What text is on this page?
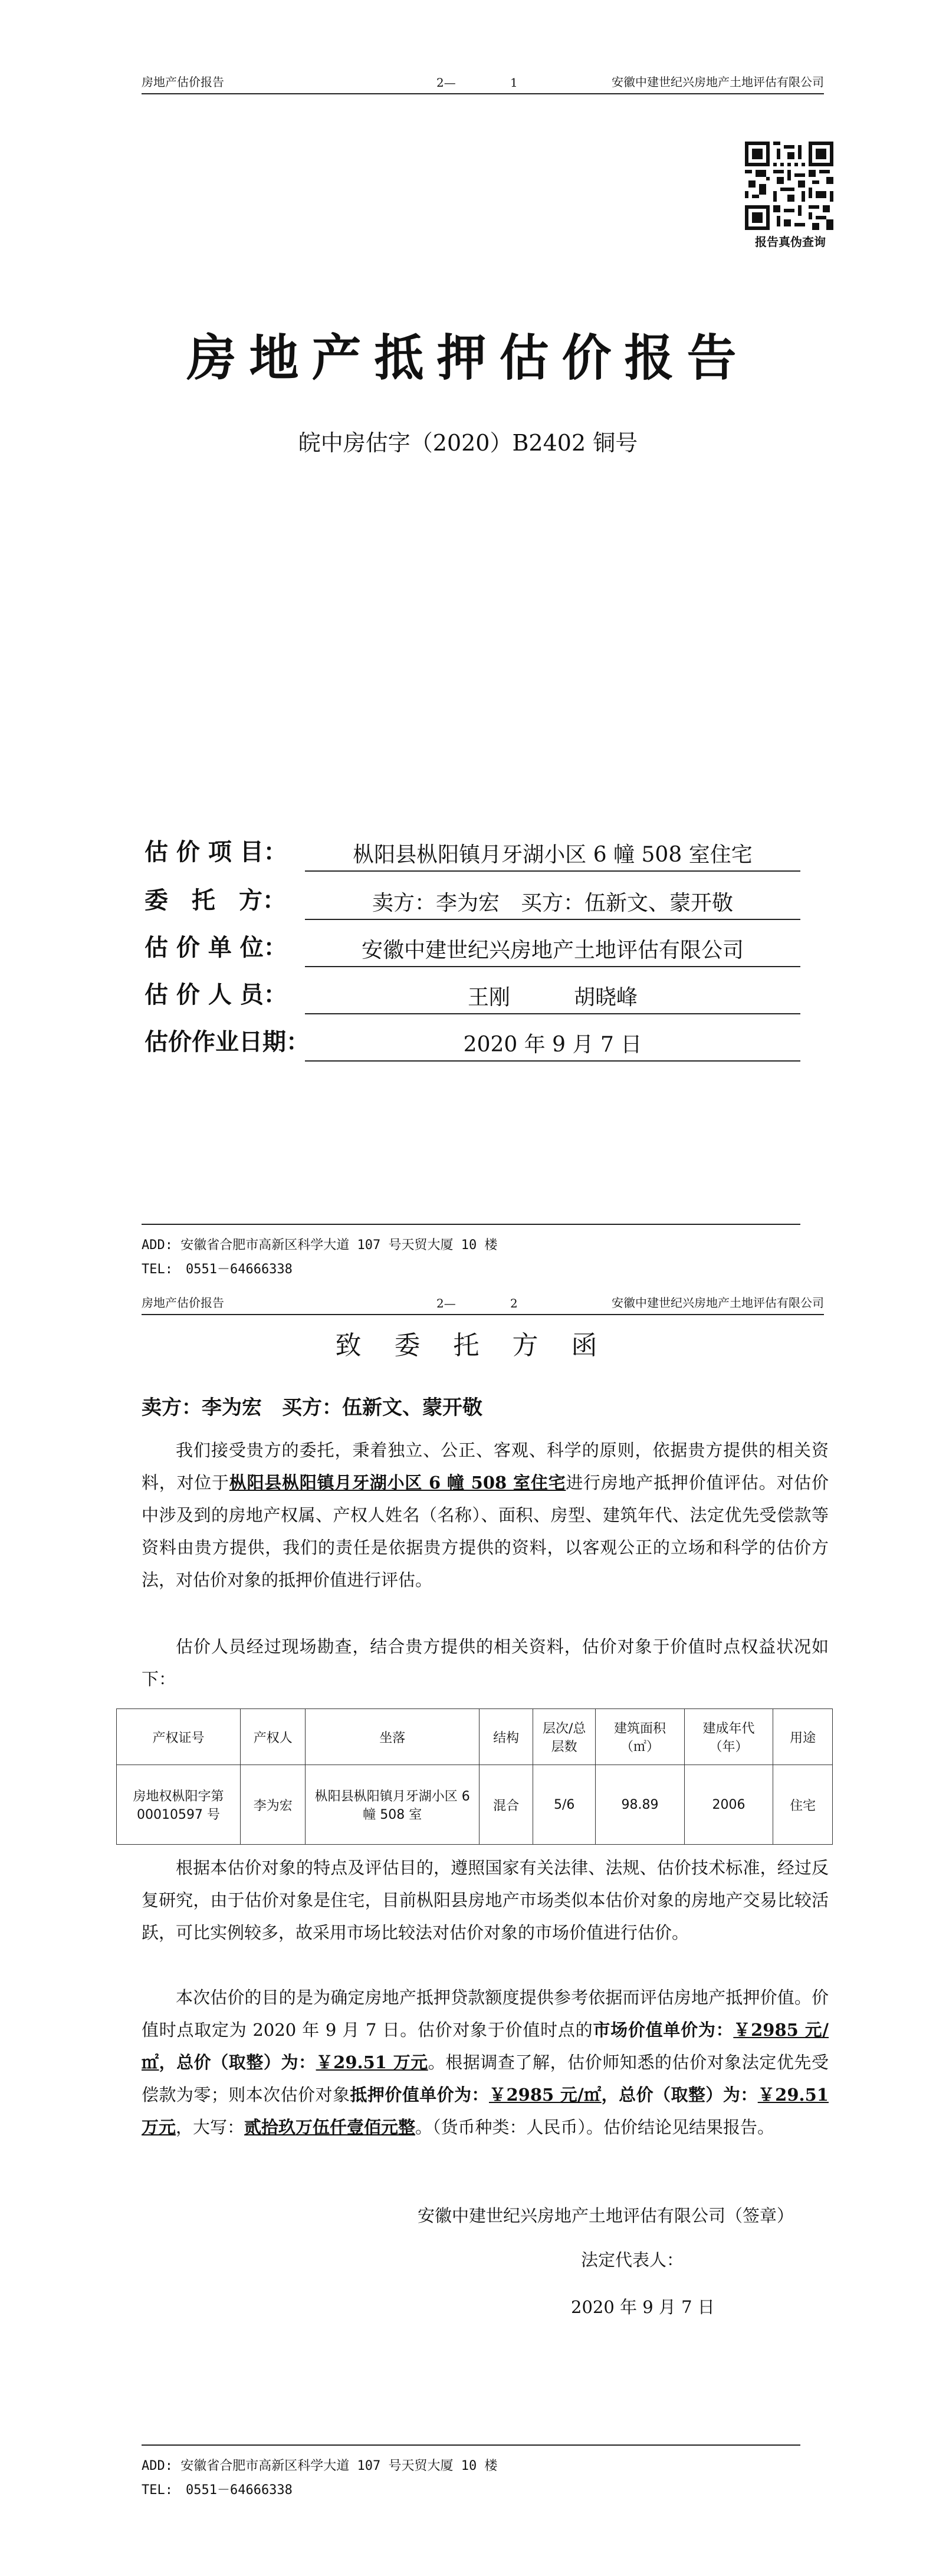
房地产估价报告	2—	1	安徽中建世纪兴房地产土地评估有限公司
报告真伪查询
房地产抵押估价报告
皖中房估字（2020）B2402 铜号
估 价 项 目：	枞阳县枞阳镇月牙湖小区 6 幢 508 室住宅
委　托　方：	卖方：李为宏　买方：伍新文、蒙开敬
估 价 单 位：	安徽中建世纪兴房地产土地评估有限公司
估 价 人 员：	王刚　　　胡晓峰
估价作业日期：	2020 年 9 月 7 日
ADD: 安徽省合肥市高新区科学大道 107 号天贸大厦 10 楼
TEL:　0551－64666338
房地产估价报告	2—	2	安徽中建世纪兴房地产土地评估有限公司
致　委　托　方　函
卖方：李为宏　买方：伍新文、蒙开敬
我们接受贵方的委托，秉着独立、公正、客观、科学的原则，依据贵方提供的相关资料，对位于枞阳县枞阳镇月牙湖小区 6 幢 508 室住宅进行房地产抵押价值评估。对估价中涉及到的房地产权属、产权人姓名（名称）、面积、房型、建筑年代、法定优先受偿款等资料由贵方提供，我们的责任是依据贵方提供的资料，以客观公正的立场和科学的估价方法，对估价对象的抵押价值进行评估。
估价人员经过现场勘查，结合贵方提供的相关资料，估价对象于价值时点权益状况如下：
产权证号	产权人	坐落	结构	层次/总层数	建筑面积（㎡）	建成年代（年）	用途
房地权枞阳字第 00010597 号	李为宏	枞阳县枞阳镇月牙湖小区 6 幢 508 室	混合	5/6	98.89	2006	住宅
根据本估价对象的特点及评估目的，遵照国家有关法律、法规、估价技术标准，经过反复研究，由于估价对象是住宅，目前枞阳县房地产市场类似本估价对象的房地产交易比较活跃，可比实例较多，故采用市场比较法对估价对象的市场价值进行估价。
本次估价的目的是为确定房地产抵押贷款额度提供参考依据而评估房地产抵押价值。价值时点取定为 2020 年 9 月 7 日。估价对象于价值时点的市场价值单价为：￥2985 元/㎡，总价（取整）为：￥29.51 万元。根据调查了解，估价师知悉的估价对象法定优先受偿款为零；则本次估价对象抵押价值单价为：￥2985 元/㎡，总价（取整）为：￥29.51 万元，大写：贰拾玖万伍仟壹佰元整。（货币种类：人民币）。估价结论见结果报告。
安徽中建世纪兴房地产土地评估有限公司（签章）
法定代表人：
2020 年 9 月 7 日
ADD: 安徽省合肥市高新区科学大道 107 号天贸大厦 10 楼
TEL:　0551－64666338
